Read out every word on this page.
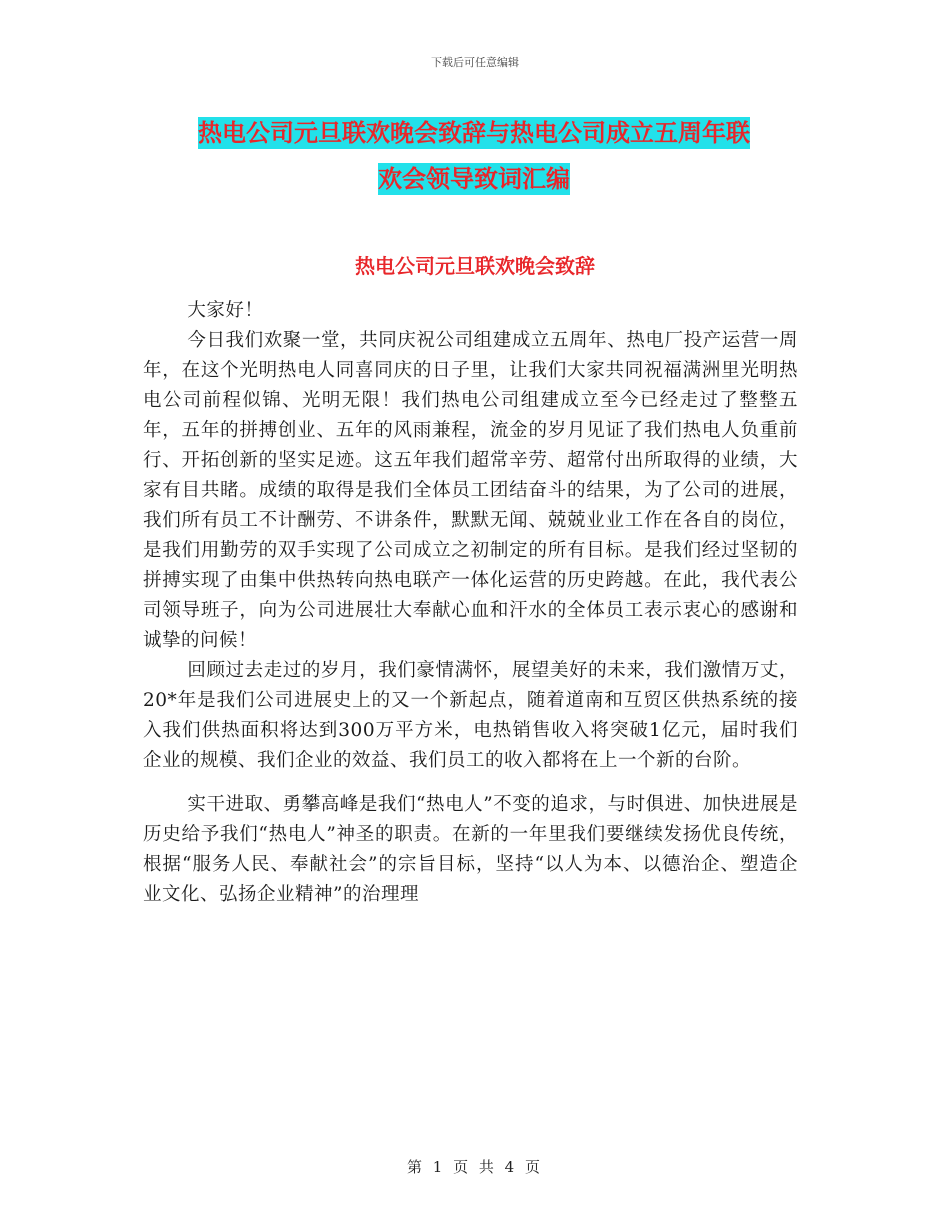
下载后可任意编辑
热电公司元旦联欢晚会致辞与热电公司成立五周年联
欢会领导致词汇编
热电公司元旦联欢晚会致辞

大家好！

今日我们欢聚一堂，共同庆祝公司组建成立五周年、热电厂投产运营一周年，在这个光明热电人同喜同庆的日子里，让我们大家共同祝福满洲里光明热电公司前程似锦、光明无限！我们热电公司组建成立至今已经走过了整整五年，五年的拼搏创业、五年的风雨兼程，流金的岁月见证了我们热电人负重前行、开拓创新的坚实足迹。这五年我们超常辛劳、超常付出所取得的业绩，大家有目共睹。成绩的取得是我们全体员工团结奋斗的结果，为了公司的进展，我们所有员工不计酬劳、不讲条件，默默无闻、兢兢业业工作在各自的岗位，是我们用勤劳的双手实现了公司成立之初制定的所有目标。是我们经过坚韧的拼搏实现了由集中供热转向热电联产一体化运营的历史跨越。在此，我代表公司领导班子，向为公司进展壮大奉献心血和汗水的全体员工表示衷心的感谢和诚挚的问候！

回顾过去走过的岁月，我们豪情满怀，展望美好的未来，我们激情万丈，20*年是我们公司进展史上的又一个新起点，随着道南和互贸区供热系统的接入我们供热面积将达到300万平方米，电热销售收入将突破1亿元，届时我们企业的规模、我们企业的效益、我们员工的收入都将在上一个新的台阶。

实干进取、勇攀高峰是我们“热电人”不变的追求，与时俱进、加快进展是历史给予我们“热电人”神圣的职责。在新的一年里我们要继续发扬优良传统，根据“服务人民、奉献社会”的宗旨目标，坚持“以人为本、以德治企、塑造企业文化、弘扬企业精神”的治理理

第 1 页 共 4 页
